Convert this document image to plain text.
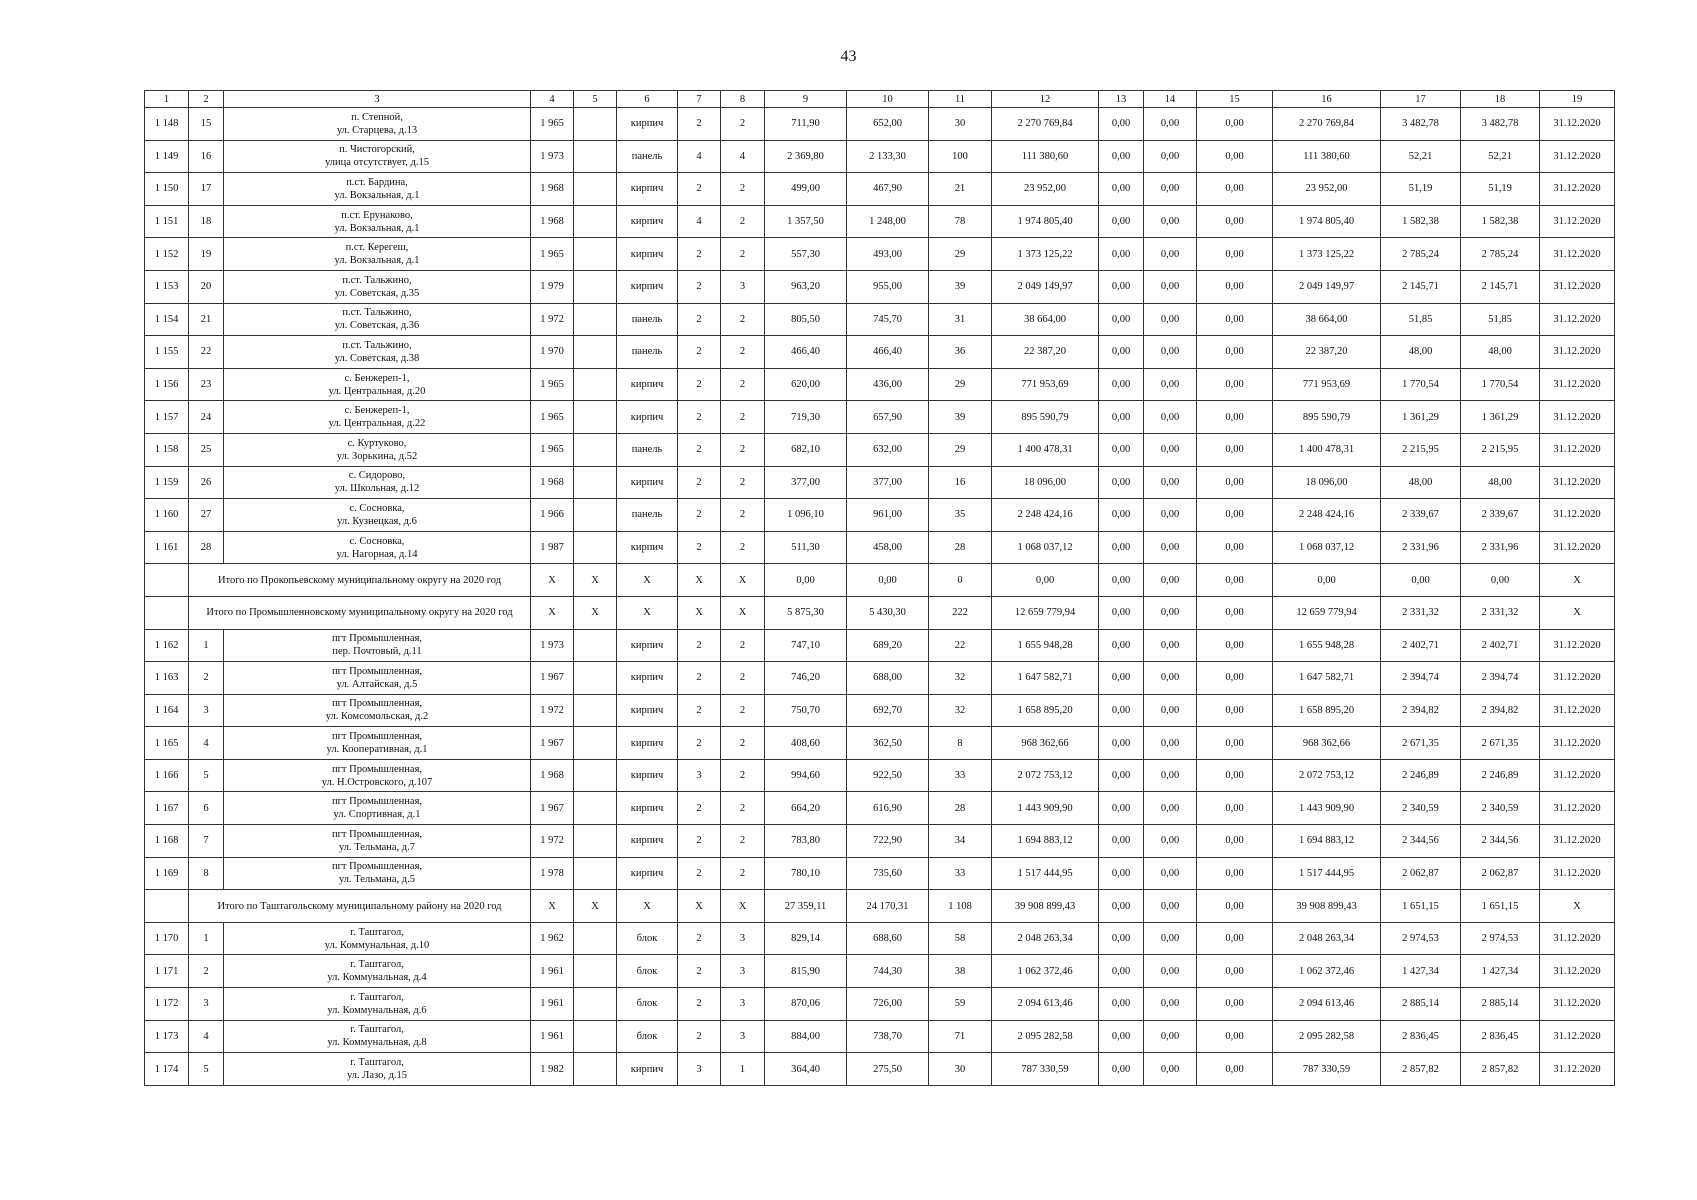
43
1	2	3	4	5	6	7	8	9	10	11	12	13	14	15	16	17	18	19
1 148	15	п. Степной,
ул. Старцева, д.13	1 965		кирпич	2	2	711,90	652,00	30	2 270 769,84	0,00	0,00	0,00	2 270 769,84	3 482,78	3 482,78	31.12.2020
1 149	16	п. Чистогорский,
улица отсутствует, д.15	1 973		панель	4	4	2 369,80	2 133,30	100	111 380,60	0,00	0,00	0,00	111 380,60	52,21	52,21	31.12.2020
1 150	17	п.ст. Бардина,
ул. Вокзальная, д.1	1 968		кирпич	2	2	499,00	467,90	21	23 952,00	0,00	0,00	0,00	23 952,00	51,19	51,19	31.12.2020
1 151	18	п.ст. Ерунаково,
ул. Вокзальная, д.1	1 968		кирпич	4	2	1 357,50	1 248,00	78	1 974 805,40	0,00	0,00	0,00	1 974 805,40	1 582,38	1 582,38	31.12.2020
1 152	19	п.ст. Керегеш,
ул. Вокзальная, д.1	1 965		кирпич	2	2	557,30	493,00	29	1 373 125,22	0,00	0,00	0,00	1 373 125,22	2 785,24	2 785,24	31.12.2020
1 153	20	п.ст. Тальжино,
ул. Советская, д.35	1 979		кирпич	2	3	963,20	955,00	39	2 049 149,97	0,00	0,00	0,00	2 049 149,97	2 145,71	2 145,71	31.12.2020
1 154	21	п.ст. Тальжино,
ул. Советская, д.36	1 972		панель	2	2	805,50	745,70	31	38 664,00	0,00	0,00	0,00	38 664,00	51,85	51,85	31.12.2020
1 155	22	п.ст. Тальжино,
ул. Советская, д.38	1 970		панель	2	2	466,40	466,40	36	22 387,20	0,00	0,00	0,00	22 387,20	48,00	48,00	31.12.2020
1 156	23	с. Бенжереп-1,
ул. Центральная, д.20	1 965		кирпич	2	2	620,00	436,00	29	771 953,69	0,00	0,00	0,00	771 953,69	1 770,54	1 770,54	31.12.2020
1 157	24	с. Бенжереп-1,
ул. Центральная, д.22	1 965		кирпич	2	2	719,30	657,90	39	895 590,79	0,00	0,00	0,00	895 590,79	1 361,29	1 361,29	31.12.2020
1 158	25	с. Куртуково,
ул. Зорькина, д.52	1 965		панель	2	2	682,10	632,00	29	1 400 478,31	0,00	0,00	0,00	1 400 478,31	2 215,95	2 215,95	31.12.2020
1 159	26	с. Сидорово,
ул. Школьная, д.12	1 968		кирпич	2	2	377,00	377,00	16	18 096,00	0,00	0,00	0,00	18 096,00	48,00	48,00	31.12.2020
1 160	27	с. Сосновка,
ул. Кузнецкая, д.6	1 966		панель	2	2	1 096,10	961,00	35	2 248 424,16	0,00	0,00	0,00	2 248 424,16	2 339,67	2 339,67	31.12.2020
1 161	28	с. Сосновка,
ул. Нагорная, д.14	1 987		кирпич	2	2	511,30	458,00	28	1 068 037,12	0,00	0,00	0,00	1 068 037,12	2 331,96	2 331,96	31.12.2020
	Итого по Прокопьевскому муниципальному округу на 2020 год		X	X	X	X	X	0,00	0,00	0	0,00	0,00	0,00	0,00	0,00	0,00	0,00	X
	Итого по Промышленновскому муниципальному округу на 2020 год		X	X	X	X	X	5 875,30	5 430,30	222	12 659 779,94	0,00	0,00	0,00	12 659 779,94	2 331,32	2 331,32	X
1 162	1	пгт Промышленная,
пер. Почтовый, д.11	1 973		кирпич	2	2	747,10	689,20	22	1 655 948,28	0,00	0,00	0,00	1 655 948,28	2 402,71	2 402,71	31.12.2020
1 163	2	пгт Промышленная,
ул. Алтайская, д.5	1 967		кирпич	2	2	746,20	688,00	32	1 647 582,71	0,00	0,00	0,00	1 647 582,71	2 394,74	2 394,74	31.12.2020
1 164	3	пгт Промышленная,
ул. Комсомольская, д.2	1 972		кирпич	2	2	750,70	692,70	32	1 658 895,20	0,00	0,00	0,00	1 658 895,20	2 394,82	2 394,82	31.12.2020
1 165	4	пгт Промышленная,
ул. Кооперативная, д.1	1 967		кирпич	2	2	408,60	362,50	8	968 362,66	0,00	0,00	0,00	968 362,66	2 671,35	2 671,35	31.12.2020
1 166	5	пгт Промышленная,
ул. Н.Островского, д.107	1 968		кирпич	3	2	994,60	922,50	33	2 072 753,12	0,00	0,00	0,00	2 072 753,12	2 246,89	2 246,89	31.12.2020
1 167	6	пгт Промышленная,
ул. Спортивная, д.1	1 967		кирпич	2	2	664,20	616,90	28	1 443 909,90	0,00	0,00	0,00	1 443 909,90	2 340,59	2 340,59	31.12.2020
1 168	7	пгт Промышленная,
ул. Тельмана, д.7	1 972		кирпич	2	2	783,80	722,90	34	1 694 883,12	0,00	0,00	0,00	1 694 883,12	2 344,56	2 344,56	31.12.2020
1 169	8	пгт Промышленная,
ул. Тельмана, д.5	1 978		кирпич	2	2	780,10	735,60	33	1 517 444,95	0,00	0,00	0,00	1 517 444,95	2 062,87	2 062,87	31.12.2020
	Итого по Таштагольскому муниципальному району на 2020 год		X	X	X	X	X	27 359,11	24 170,31	1 108	39 908 899,43	0,00	0,00	0,00	39 908 899,43	1 651,15	1 651,15	X
1 170	1	г. Таштагол,
ул. Коммунальная, д.10	1 962		блок	2	3	829,14	688,60	58	2 048 263,34	0,00	0,00	0,00	2 048 263,34	2 974,53	2 974,53	31.12.2020
1 171	2	г. Таштагол,
ул. Коммунальная, д.4	1 961		блок	2	3	815,90	744,30	38	1 062 372,46	0,00	0,00	0,00	1 062 372,46	1 427,34	1 427,34	31.12.2020
1 172	3	г. Таштагол,
ул. Коммунальная, д.6	1 961		блок	2	3	870,06	726,00	59	2 094 613,46	0,00	0,00	0,00	2 094 613,46	2 885,14	2 885,14	31.12.2020
1 173	4	г. Таштагол,
ул. Коммунальная, д.8	1 961		блок	2	3	884,00	738,70	71	2 095 282,58	0,00	0,00	0,00	2 095 282,58	2 836,45	2 836,45	31.12.2020
1 174	5	г. Таштагол,
ул. Лазо, д.15	1 982		кирпич	3	1	364,40	275,50	30	787 330,59	0,00	0,00	0,00	787 330,59	2 857,82	2 857,82	31.12.2020
